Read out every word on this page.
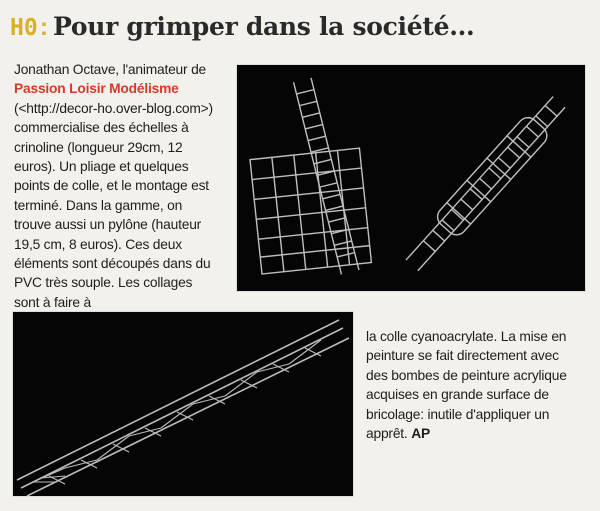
H0: Pour grimper dans la société...

Jonathan Octave, l'animateur de Passion Loisir Modélisme (<http://decor-ho.over-blog.com>) commercialise des échelles à crinoline (longueur 29cm, 12 euros). Un pliage et quelques points de colle, et le montage est terminé. Dans la gamme, on trouve aussi un pylône (hauteur 19,5 cm, 8 euros). Ces deux éléments sont découpés dans du PVC très souple. Les collages sont à faire à

la colle cyanoacrylate. La mise en peinture se fait directement avec des bombes de peinture acrylique acquises en grande surface de bricolage: inutile d'appliquer un apprêt. AP
